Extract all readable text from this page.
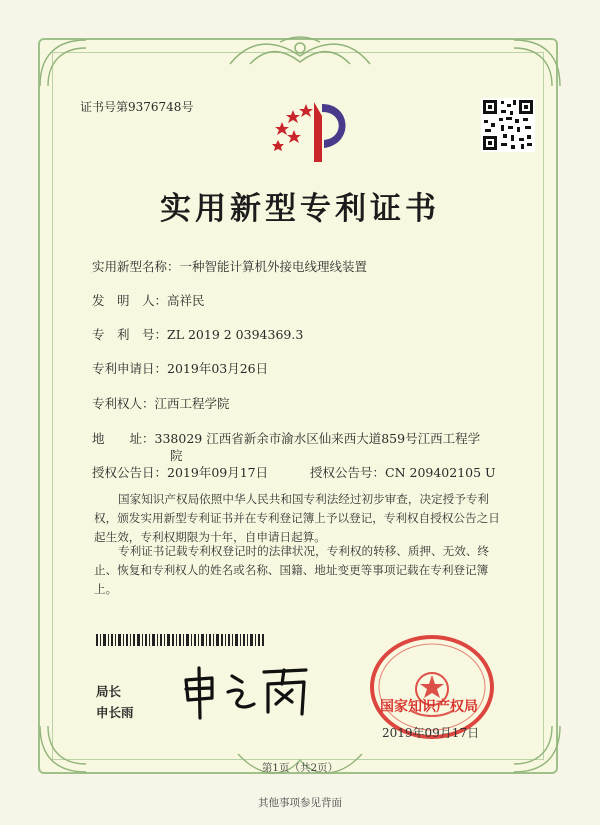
证书号第9376748号
实用新型专利证书
实用新型名称：一种智能计算机外接电线理线装置
发　明　人：高祥民
专　利　号：ZL 2019 2 0394369.3
专利申请日：2019年03月26日
专利权人：江西工程学院
地　　址：338029 江西省新余市渝水区仙来西大道859号江西工程学
院
授权公告日：2019年09月17日	授权公告号：CN 209402105 U
国家知识产权局依照中华人民共和国专利法经过初步审查，决定授予专利权，颁发实用新型专利证书并在专利登记簿上予以登记，专利权自授权公告之日起生效，专利权期限为十年，自申请日起算。
专利证书记载专利权登记时的法律状况，专利权的转移、质押、无效、终止、恢复和专利权人的姓名或名称、国籍、地址变更等事项记载在专利登记簿上。
局长
申长雨	国家知识产权局
2019年09月17日
第1页（共2页）
其他事项参见背面
